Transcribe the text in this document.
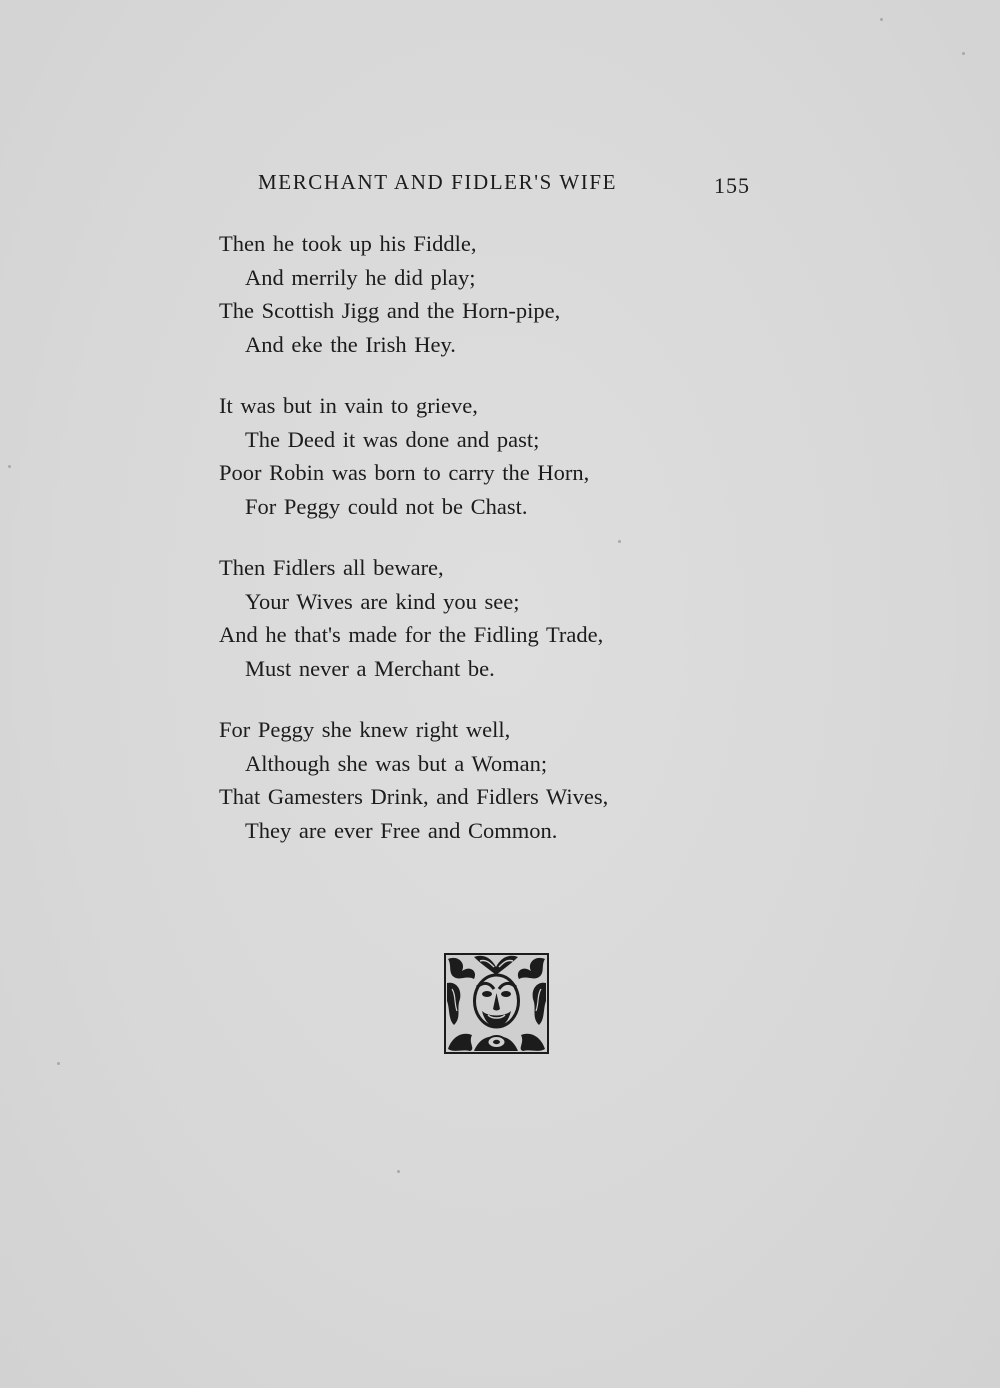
MERCHANT AND FIDLER'S WIFE	155
Then he took up his Fiddle,
And merrily he did play;
The Scottish Jigg and the Horn-pipe,
And eke the Irish Hey.
It was but in vain to grieve,
The Deed it was done and past;
Poor Robin was born to carry the Horn,
For Peggy could not be Chast.
Then Fidlers all beware,
Your Wives are kind you see;
And he that's made for the Fidling Trade,
Must never a Merchant be.
For Peggy she knew right well,
Although she was but a Woman;
That Gamesters Drink, and Fidlers Wives,
They are ever Free and Common.
